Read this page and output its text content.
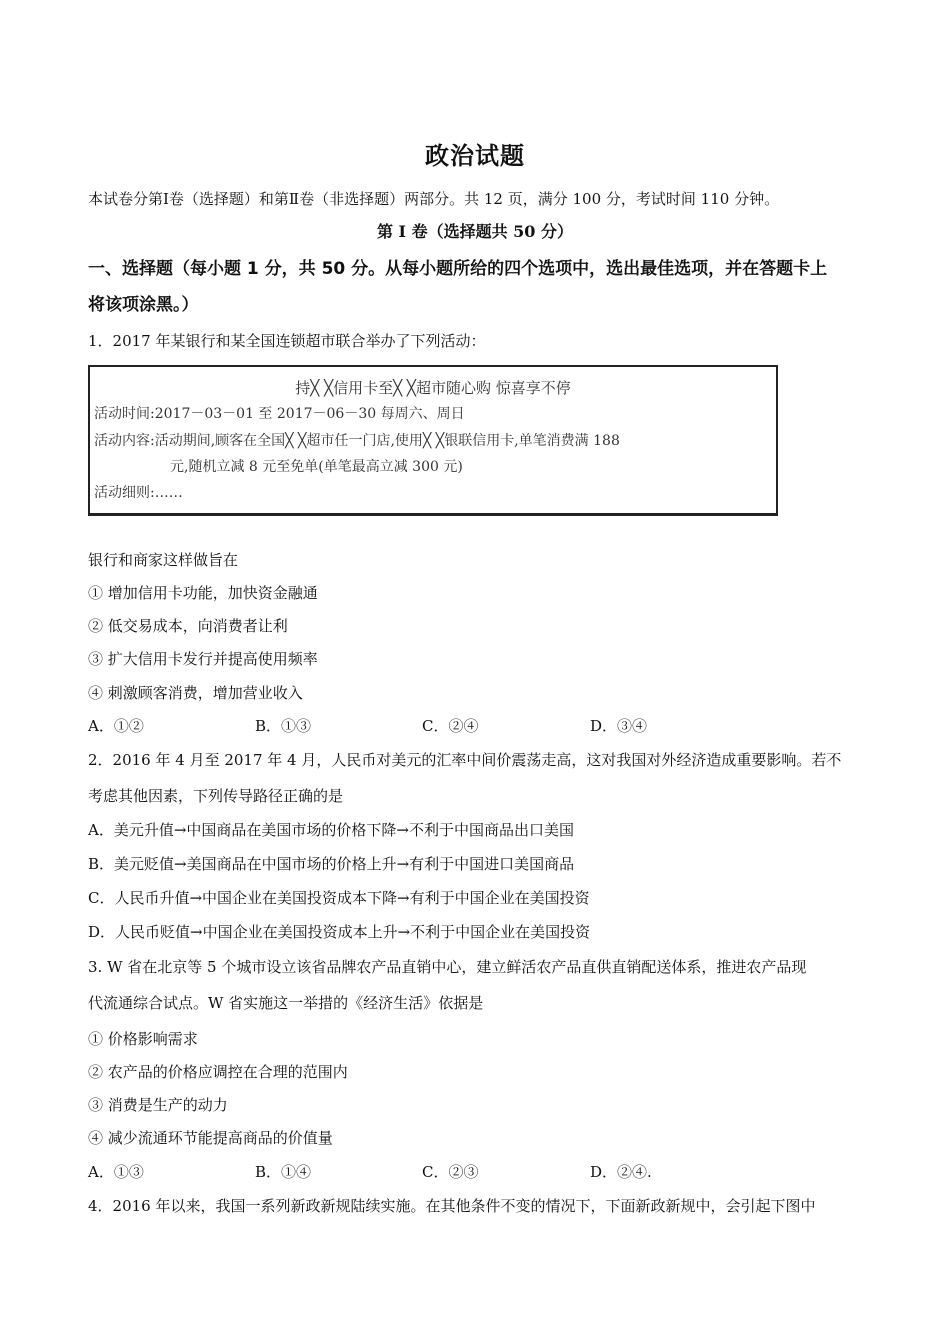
政治试题
本试卷分第Ⅰ卷（选择题）和第Ⅱ卷（非选择题）两部分。共 12 页，满分 100 分，考试时间 110 分钟。
第 I 卷（选择题共 50 分）
一、选择题（每小题 1 分，共 50 分。从每小题所给的四个选项中，选出最佳选项，并在答题卡上
将该项涂黑。）
1．2017 年某银行和某全国连锁超市联合举办了下列活动：
持╳ ╳信用卡至╳ ╳超市随心购 惊喜享不停
活动时间:2017－03－01 至 2017－06－30 每周六、周日
活动内容:活动期间,顾客在全国╳ ╳超市任一门店,使用╳ ╳银联信用卡,单笔消费满 188
元,随机立减 8 元至免单(单笔最高立减 300 元)
活动细则:……
银行和商家这样做旨在
① 增加信用卡功能，加快资金融通
② 低交易成本，向消费者让利
③ 扩大信用卡发行并提高使用频率
④ 刺激顾客消费，增加营业收入
A．①②	B．①③	C．②④	D．③④
2．2016 年 4 月至 2017 年 4 月，人民币对美元的汇率中间价震荡走高，这对我国对外经济造成重要影响。若不
考虑其他因素，下列传导路径正确的是
A．美元升值→中国商品在美国市场的价格下降→不利于中国商品出口美国
B．美元贬值→美国商品在中国市场的价格上升→有利于中国进口美国商品
C．人民币升值→中国企业在美国投资成本下降→有利于中国企业在美国投资
D．人民币贬值→中国企业在美国投资成本上升→不利于中国企业在美国投资
3. W 省在北京等 5 个城市设立该省品牌农产品直销中心，建立鲜活农产品直供直销配送体系，推进农产品现
代流通综合试点。W 省实施这一举措的《经济生活》依据是
① 价格影响需求
② 农产品的价格应调控在合理的范围内
③ 消费是生产的动力
④ 减少流通环节能提高商品的价值量
A．①③	B．①④	C．②③	D．②④.
4．2016 年以来，我国一系列新政新规陆续实施。在其他条件不变的情况下，下面新政新规中，会引起下图中
